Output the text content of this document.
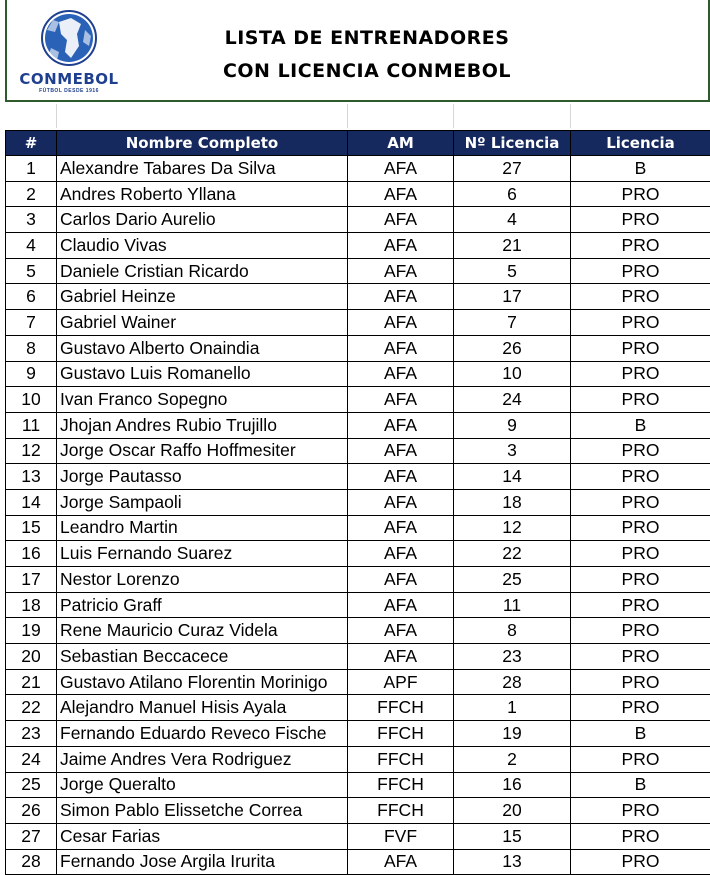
CONMEBOL
FÚTBOL DESDE 1916
LISTA DE ENTRENADORES
CON LICENCIA CONMEBOL
#	Nombre Completo	AM	Nº Licencia	Licencia
1	Alexandre Tabares Da Silva	AFA	27	B
2	Andres Roberto Yllana	AFA	6	PRO
3	Carlos Dario Aurelio	AFA	4	PRO
4	Claudio Vivas	AFA	21	PRO
5	Daniele Cristian Ricardo	AFA	5	PRO
6	Gabriel Heinze	AFA	17	PRO
7	Gabriel Wainer	AFA	7	PRO
8	Gustavo Alberto Onaindia	AFA	26	PRO
9	Gustavo Luis Romanello	AFA	10	PRO
10	Ivan Franco Sopegno	AFA	24	PRO
11	Jhojan Andres Rubio Trujillo	AFA	9	B
12	Jorge Oscar Raffo Hoffmesiter	AFA	3	PRO
13	Jorge Pautasso	AFA	14	PRO
14	Jorge Sampaoli	AFA	18	PRO
15	Leandro Martin	AFA	12	PRO
16	Luis Fernando Suarez	AFA	22	PRO
17	Nestor Lorenzo	AFA	25	PRO
18	Patricio Graff	AFA	11	PRO
19	Rene Mauricio Curaz Videla	AFA	8	PRO
20	Sebastian Beccacece	AFA	23	PRO
21	Gustavo Atilano Florentin Morinigo	APF	28	PRO
22	Alejandro Manuel Hisis Ayala	FFCH	1	PRO
23	Fernando Eduardo Reveco Fische	FFCH	19	B
24	Jaime Andres Vera Rodriguez	FFCH	2	PRO
25	Jorge Queralto	FFCH	16	B
26	Simon Pablo Elissetche Correa	FFCH	20	PRO
27	Cesar Farias	FVF	15	PRO
28	Fernando Jose Argila Irurita	AFA	13	PRO
